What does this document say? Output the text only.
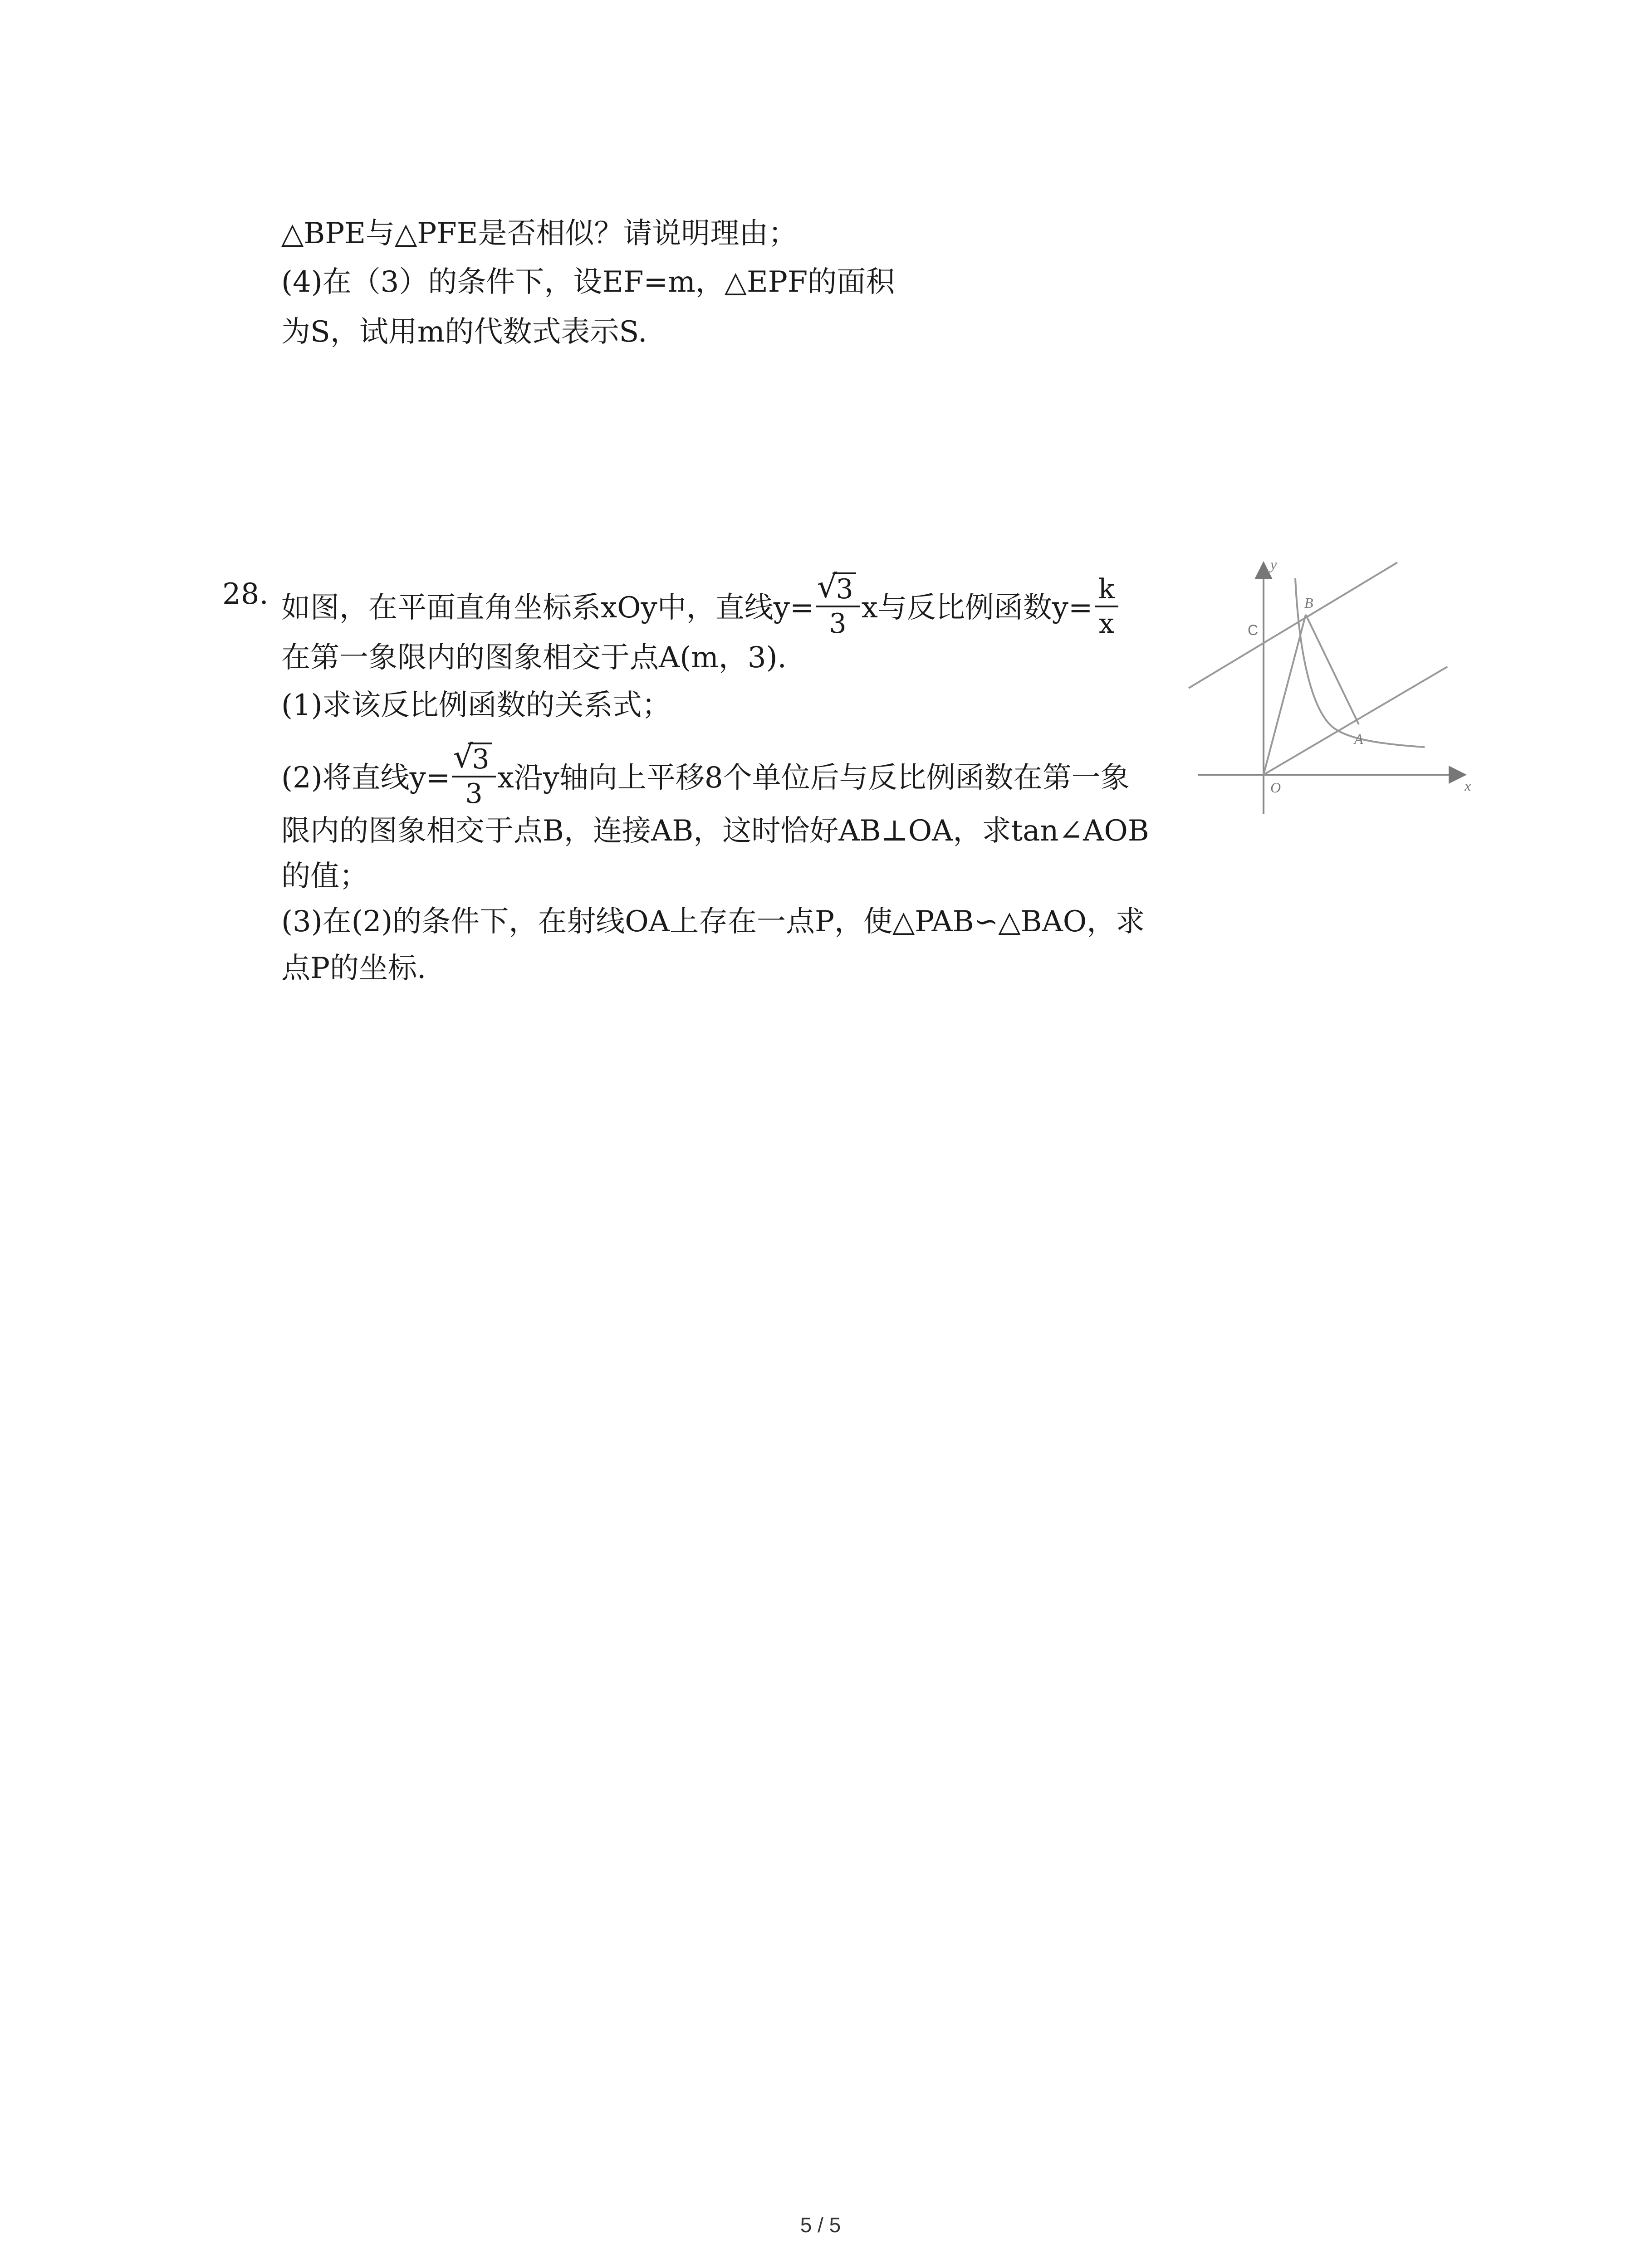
△BPE与△PFE是否相似？请说明理由；
(4)在（3）的条件下，设EF=m，△EPF的面积
为S，试用m的代数式表示S.
28. 如图，在平面直角坐标系xOy中，直线y= √ $\frac{3}{3}$ x与反比例函数$y= \frac{k}{x}$
在第一象限内的图象相交于点A(m，3).
(1)求该反比例函数的关系式；
(2)将直线y= √ $\frac{3}{3}$ x沿y轴向上平移8个单位后与反比例函数在第一象
限内的图象相交于点B，连接AB，这时恰好AB⊥OA，求tan∠AOB
的值；
(3)在(2)的条件下，在射线OA上存在一点P，使△PAB∽△BAO，求
点P的坐标.
y
x
O
A
B
C
5 / 5
